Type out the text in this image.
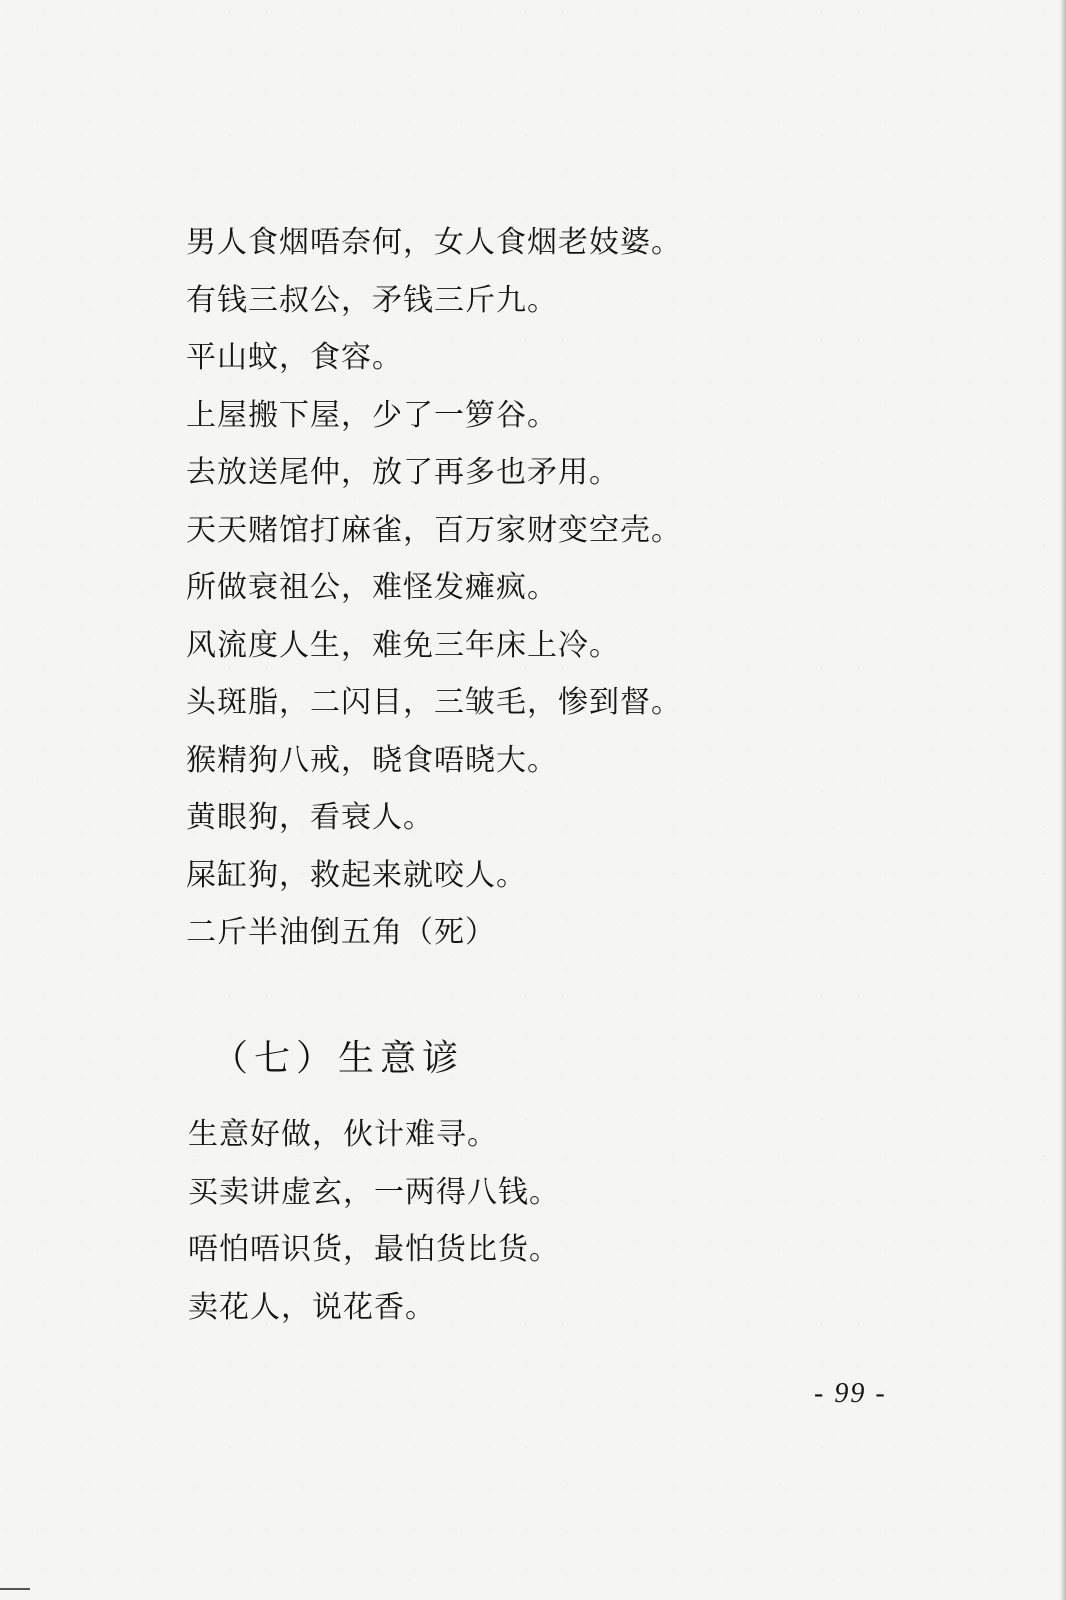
男人食烟唔奈何，女人食烟老妓婆。
有钱三叔公，矛钱三斤九。
平山蚊，食容。
上屋搬下屋，少了一箩谷。
去放送尾仲，放了再多也矛用。
天天赌馆打麻雀，百万家财变空壳。
所做衰祖公，难怪发瘫疯。
风流度人生，难免三年床上冷。
头斑脂，二闪目，三皱毛，惨到督。
猴精狗八戒，晓食唔晓大。
黄眼狗，看衰人。
屎缸狗，救起来就咬人。
二斤半油倒五角（死）
（七）生意谚
生意好做，伙计难寻。
买卖讲虚玄，一两得八钱。
唔怕唔识货，最怕货比货。
卖花人，说花香。
- 99 -
